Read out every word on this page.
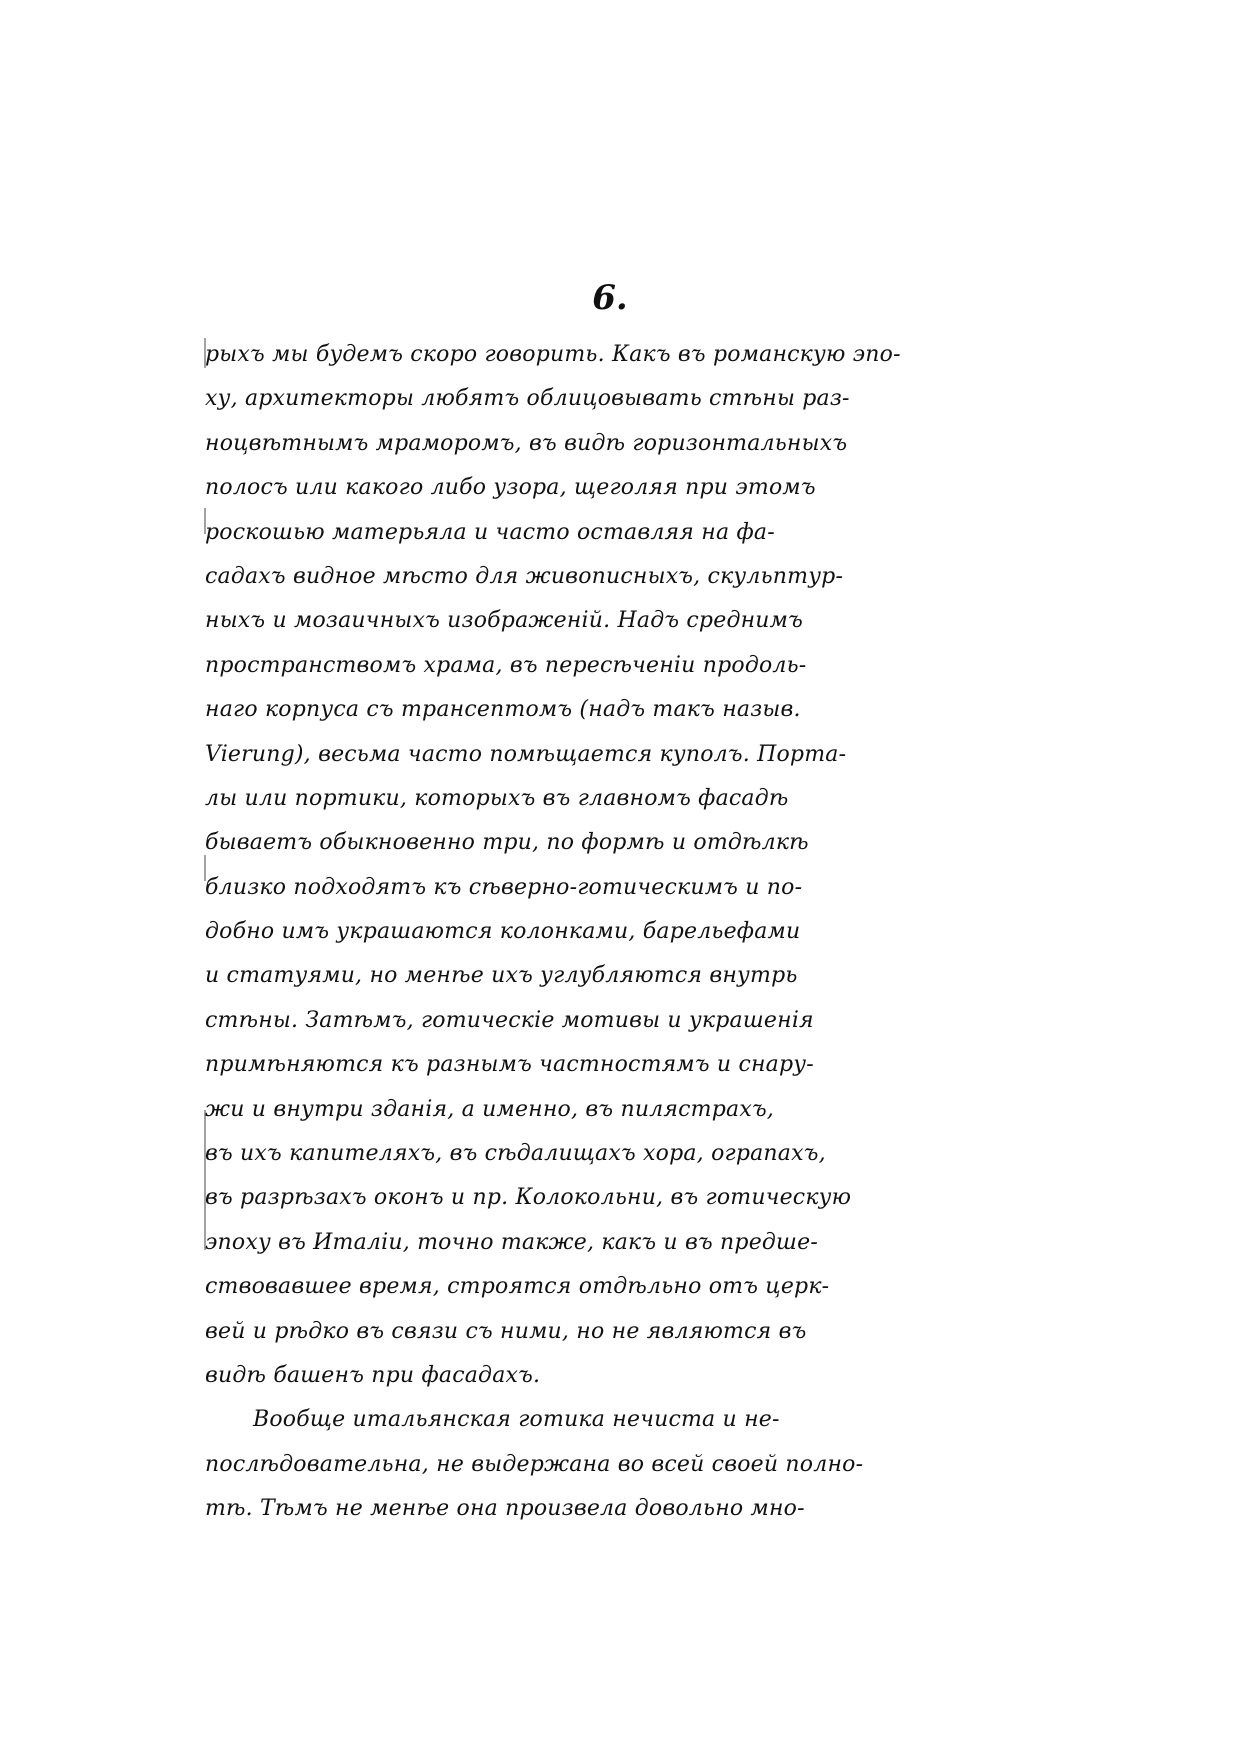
6.
рыхъ мы будемъ скоро говорить. Какъ въ романскую эпо-
ху, архитекторы любятъ облицовывать стѣны раз-
ноцвѣтнымъ мраморомъ, въ видѣ горизонтальныхъ
полосъ или какого либо узора, щеголяя при этомъ
роскошью матерьяла и часто оставляя на фа-
садахъ видное мѣсто для живописныхъ, скульптур-
ныхъ и мозаичныхъ изображеній. Надъ среднимъ
пространствомъ храма, въ пересѣченіи продоль-
наго корпуса съ трансептомъ (надъ такъ назыв.
Vierung), весьма часто помѣщается куполъ. Порта-
лы или портики, которыхъ въ главномъ фасадѣ
бываетъ обыкновенно три, по формѣ и отдѣлкѣ
близко подходятъ къ сѣверно-готическимъ и по-
добно имъ украшаются колонками, барельефами
и статуями, но менѣе ихъ углубляются внутрь
стѣны. Затѣмъ, готическіе мотивы и украшенія
примѣняются къ разнымъ частностямъ и снару-
жи и внутри зданія, а именно, въ пилястрахъ,
въ ихъ капителяхъ, въ сѣдалищахъ хора, ограпахъ,
въ разрѣзахъ оконъ и пр. Колокольни, въ готическую
эпоху въ Италіи, точно также, какъ и въ предше-
ствовавшее время, строятся отдѣльно отъ церк-
вей и рѣдко въ связи съ ними, но не являются въ
видѣ башенъ при фасадахъ.
Вообще итальянская готика нечиста и не-
послѣдовательна, не выдержана во всей своей полно-
тѣ. Тѣмъ не менѣе она произвела довольно мно-
